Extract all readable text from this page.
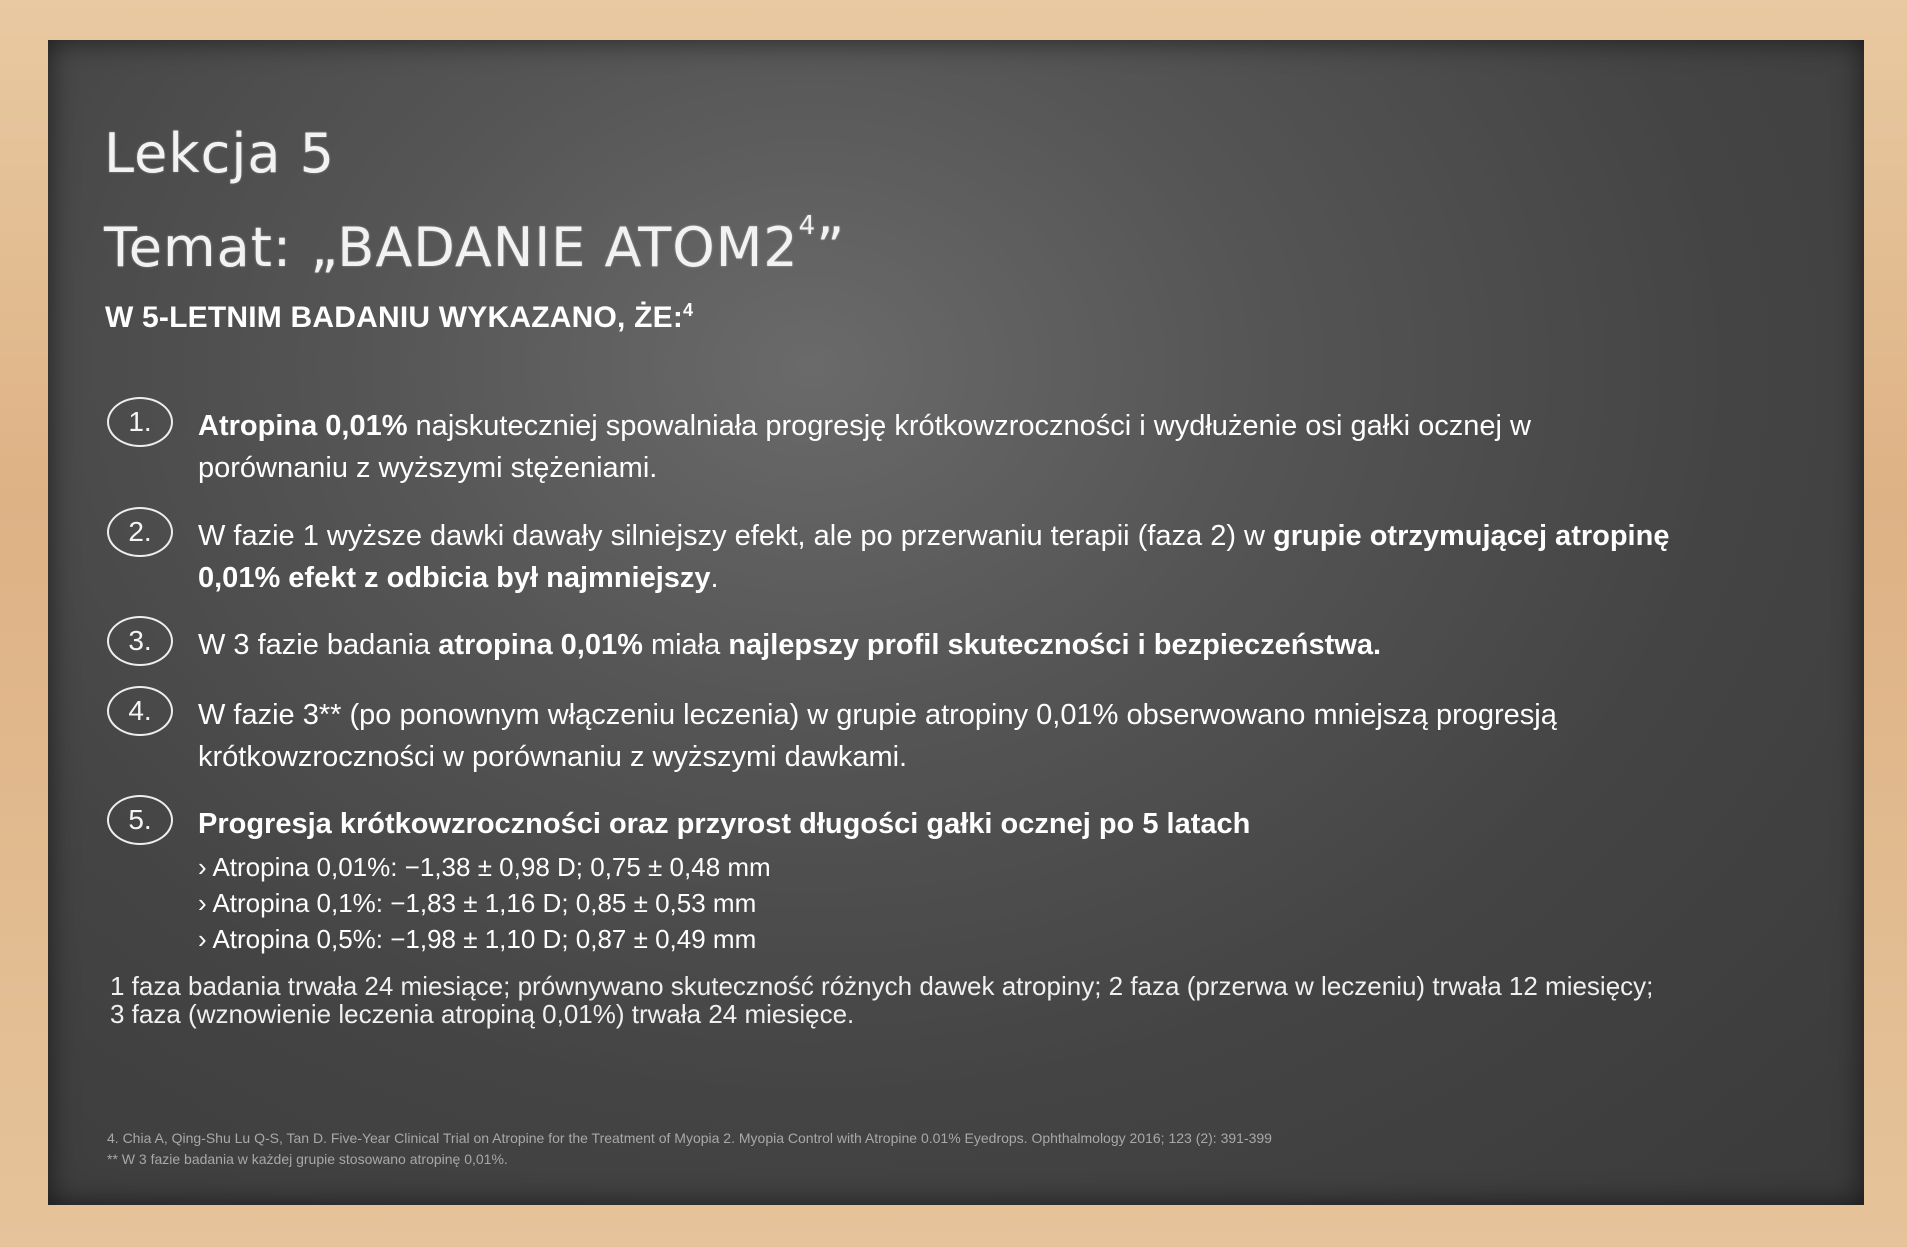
Lekcja 5
Temat: „BADANIE $ATOM2^4$”
W 5-LETNIM BADANIU WYKAZANO, ŻE:$^4$
1.	Atropina 0,01% najskuteczniej spowalniała progresję krótkowzroczności i wydłużenie osi gałki ocznej w porównaniu z wyższymi stężeniami.
2.	W fazie 1 wyższe dawki dawały silniejszy efekt, ale po przerwaniu terapii (faza 2) w grupie otrzymującej atropinę 0,01% efekt z odbicia był najmniejszy.
3.	W 3 fazie badania atropina 0,01% miała najlepszy profil skuteczności i bezpieczeństwa.
4.	W fazie 3** (po ponownym włączeniu leczenia) w grupie atropiny 0,01% obserwowano mniejszą progresją krótkowzroczności w porównaniu z wyższymi dawkami.
5.	Progresja krótkowzroczności oraz przyrost długości gałki ocznej po 5 latach
› Atropina 0,01%: −1,38 ± 0,98 D; 0,75 ± 0,48 mm
› Atropina 0,1%: −1,83 ± 1,16 D; 0,85 ± 0,53 mm
› Atropina 0,5%: −1,98 ± 1,10 D; 0,87 ± 0,49 mm
1 faza badania trwała 24 miesiące; prównywano skuteczność różnych dawek atropiny; 2 faza (przerwa w leczeniu) trwała 12 miesięcy;
3 faza (wznowienie leczenia atropiną 0,01%) trwała 24 miesięce.
4. Chia A, Qing-Shu Lu Q-S, Tan D. Five-Year Clinical Trial on Atropine for the Treatment of Myopia 2. Myopia Control with Atropine 0.01% Eyedrops. Ophthalmology 2016; 123 (2): 391-399
** W 3 fazie badania w każdej grupie stosowano atropinę 0,01%.
